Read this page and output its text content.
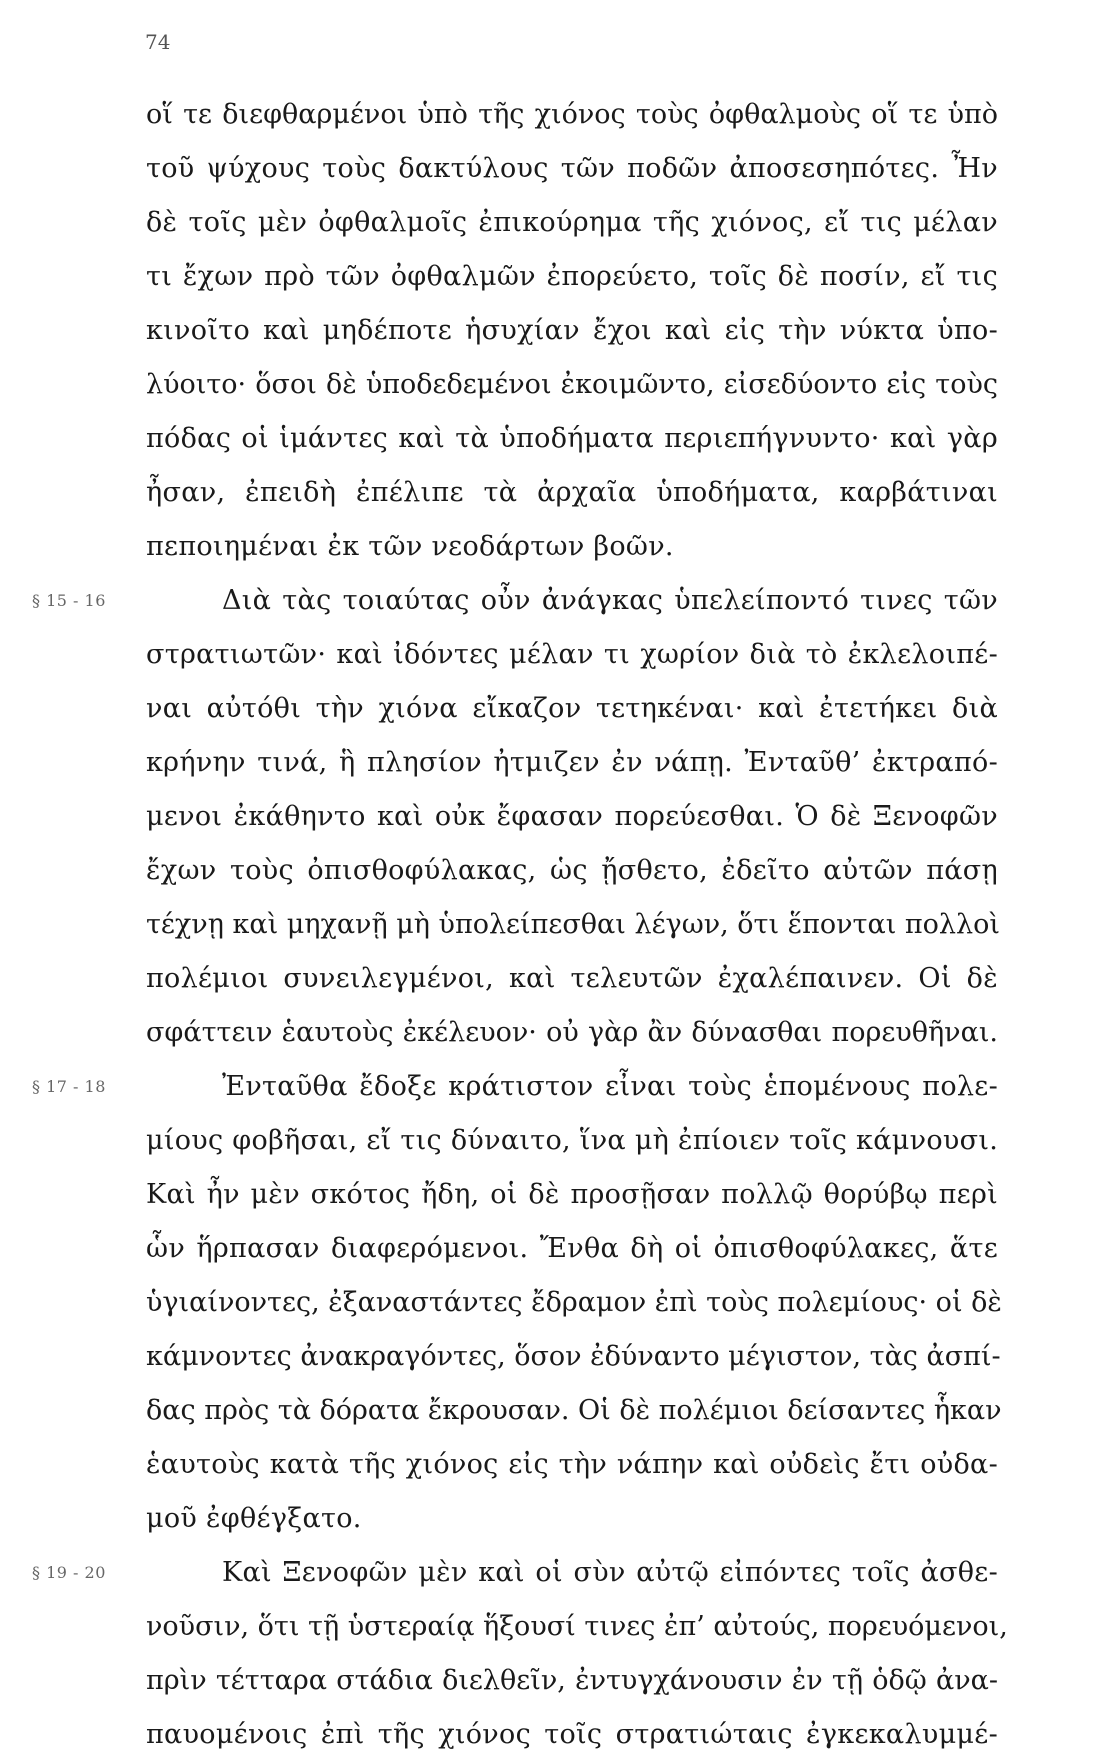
74
οἵ τε διεφθαρμένοι ὑπὸ τῆς χιόνος τοὺς ὀφθαλμοὺς οἵ τε ὑπὸ
τοῦ ψύχους τοὺς δακτύλους τῶν ποδῶν ἀποσεσηπότες. Ἦν
δὲ τοῖς μὲν ὀφθαλμοῖς ἐπικούρημα τῆς χιόνος, εἴ τις μέλαν
τι ἔχων πρὸ τῶν ὀφθαλμῶν ἐπορεύετο, τοῖς δὲ ποσίν, εἴ τις
κινοῖτο καὶ μηδέποτε ἡσυχίαν ἔχοι καὶ εἰς τὴν νύκτα ὑπο-
λύοιτο· ὅσοι δὲ ὑποδεδεμένοι ἐκοιμῶντο, εἰσεδύοντο εἰς τοὺς
πόδας οἱ ἱμάντες καὶ τὰ ὑποδήματα περιεπήγνυντο· καὶ γὰρ
ἦσαν, ἐπειδὴ ἐπέλιπε τὰ ἀρχαῖα ὑποδήματα, καρβάτιναι
πεποιημέναι ἐκ τῶν νεοδάρτων βοῶν.
Διὰ τὰς τοιαύτας οὖν ἀνάγκας ὑπελείποντό τινες τῶν
§ 15 - 16
στρατιωτῶν· καὶ ἰδόντες μέλαν τι χωρίον διὰ τὸ ἐκλελοιπέ-
ναι αὐτόθι τὴν χιόνα εἴκαζον τετηκέναι· καὶ ἐτετήκει διὰ
κρήνην τινά, ἣ πλησίον ἠτμιζεν ἐν νάπῃ. Ἐνταῦθ’ ἐκτραπό-
μενοι ἐκάθηντο καὶ οὐκ ἔφασαν πορεύεσθαι. Ὁ δὲ Ξενοφῶν
ἔχων τοὺς ὀπισθοφύλακας, ὡς ᾔσθετο, ἐδεῖτο αὐτῶν πάσῃ
τέχνῃ καὶ μηχανῇ μὴ ὑπολείπεσθαι λέγων, ὅτι ἕπονται πολλοὶ
πολέμιοι συνειλεγμένοι, καὶ τελευτῶν ἐχαλέπαινεν. Οἱ δὲ
σφάττειν ἑαυτοὺς ἐκέλευον· οὐ γὰρ ἂν δύνασθαι πορευθῆναι.
Ἐνταῦθα ἔδοξε κράτιστον εἶναι τοὺς ἑπομένους πολε-
§ 17 - 18
μίους φοβῆσαι, εἴ τις δύναιτο, ἵνα μὴ ἐπίοιεν τοῖς κάμνουσι.
Καὶ ἦν μὲν σκότος ἤδη, οἱ δὲ προσῇσαν πολλῷ θορύβῳ περὶ
ὧν ἥρπασαν διαφερόμενοι. Ἔνθα δὴ οἱ ὀπισθοφύλακες, ἅτε
ὑγιαίνοντες, ἐξαναστάντες ἔδραμον ἐπὶ τοὺς πολεμίους· οἱ δὲ
κάμνοντες ἀνακραγόντες, ὅσον ἐδύναντο μέγιστον, τὰς ἀσπί-
δας πρὸς τὰ δόρατα ἔκρουσαν. Οἱ δὲ πολέμιοι δείσαντες ἧκαν
ἑαυτοὺς κατὰ τῆς χιόνος εἰς τὴν νάπην καὶ οὐδεὶς ἔτι οὐδα-
μοῦ ἐφθέγξατο.
Καὶ Ξενοφῶν μὲν καὶ οἱ σὺν αὐτῷ εἰπόντες τοῖς ἀσθε-
§ 19 - 20
νοῦσιν, ὅτι τῇ ὑστεραίᾳ ἥξουσί τινες ἐπ’ αὐτούς, πορευόμενοι,
πρὶν τέτταρα στάδια διελθεῖν, ἐντυγχάνουσιν ἐν τῇ ὁδῷ ἀνα-
παυομένοις ἐπὶ τῆς χιόνος τοῖς στρατιώταις ἐγκεκαλυμμέ-
